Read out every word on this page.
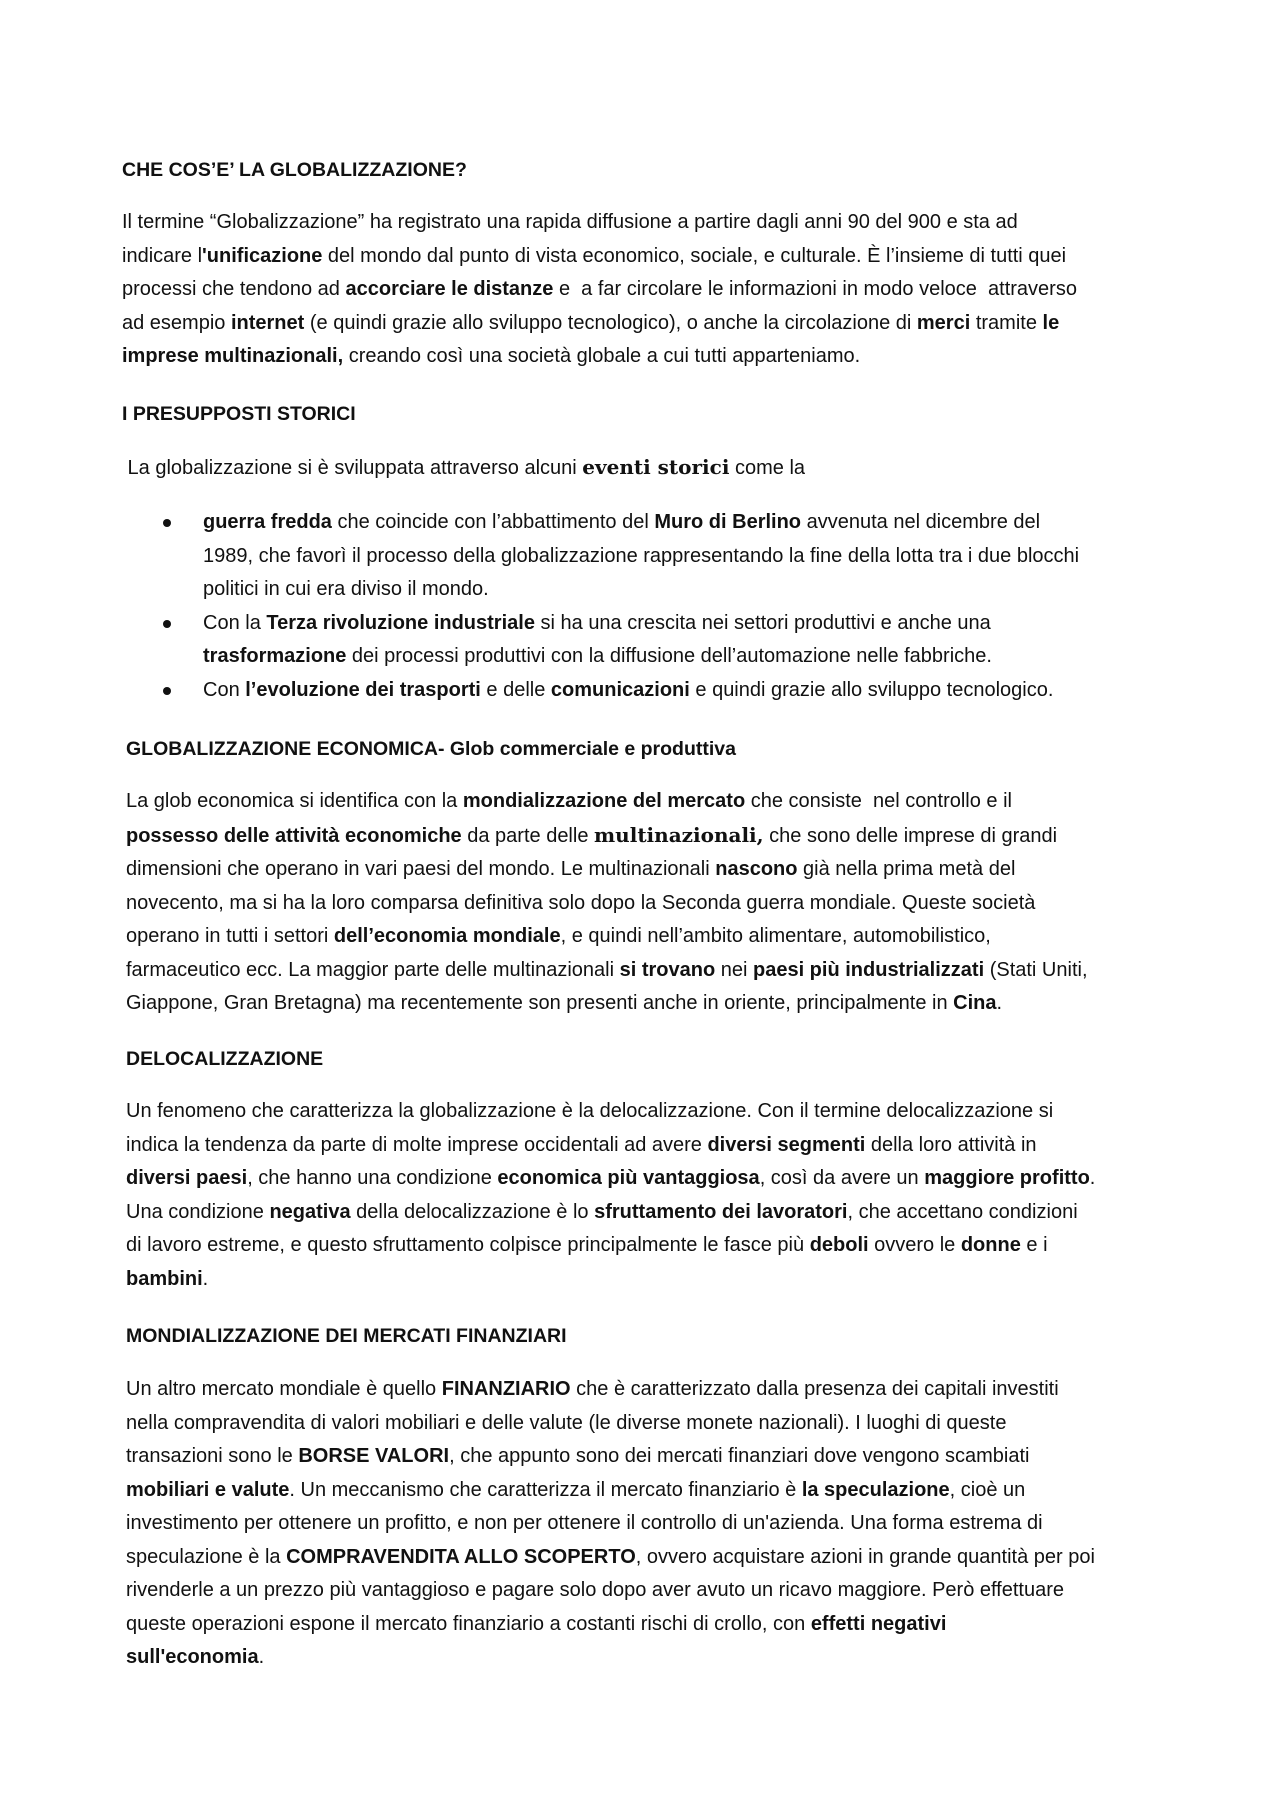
CHE COS’E’ LA GLOBALIZZAZIONE?
Il termine “Globalizzazione” ha registrato una rapida diffusione a partire dagli anni 90 del 900 e sta ad
indicare l'unificazione del mondo dal punto di vista economico, sociale, e culturale. È l’insieme di tutti quei
processi che tendono ad accorciare le distanze e  a far circolare le informazioni in modo veloce  attraverso
ad esempio internet (e quindi grazie allo sviluppo tecnologico), o anche la circolazione di merci tramite le
imprese multinazionali, creando così una società globale a cui tutti apparteniamo.
I PRESUPPOSTI STORICI
La globalizzazione si è sviluppata attraverso alcuni eventi storici come la
guerra fredda che coincide con l’abbattimento del Muro di Berlino avvenuta nel dicembre del
1989, che favorì il processo della globalizzazione rappresentando la fine della lotta tra i due blocchi
politici in cui era diviso il mondo.
Con la Terza rivoluzione industriale si ha una crescita nei settori produttivi e anche una
trasformazione dei processi produttivi con la diffusione dell’automazione nelle fabbriche.
Con l’evoluzione dei trasporti e delle comunicazioni e quindi grazie allo sviluppo tecnologico.
GLOBALIZZAZIONE ECONOMICA- Glob commerciale e produttiva
La glob economica si identifica con la mondializzazione del mercato che consiste  nel controllo e il
possesso delle attività economiche da parte delle multinazionali, che sono delle imprese di grandi
dimensioni che operano in vari paesi del mondo. Le multinazionali nascono già nella prima metà del
novecento, ma si ha la loro comparsa definitiva solo dopo la Seconda guerra mondiale. Queste società
operano in tutti i settori dell’economia mondiale, e quindi nell’ambito alimentare, automobilistico,
farmaceutico ecc. La maggior parte delle multinazionali si trovano nei paesi più industrializzati (Stati Uniti,
Giappone, Gran Bretagna) ma recentemente son presenti anche in oriente, principalmente in Cina.
DELOCALIZZAZIONE
Un fenomeno che caratterizza la globalizzazione è la delocalizzazione. Con il termine delocalizzazione si
indica la tendenza da parte di molte imprese occidentali ad avere diversi segmenti della loro attività in
diversi paesi, che hanno una condizione economica più vantaggiosa, così da avere un maggiore profitto.
Una condizione negativa della delocalizzazione è lo sfruttamento dei lavoratori, che accettano condizioni
di lavoro estreme, e questo sfruttamento colpisce principalmente le fasce più deboli ovvero le donne e i
bambini.
MONDIALIZZAZIONE DEI MERCATI FINANZIARI
Un altro mercato mondiale è quello FINANZIARIO che è caratterizzato dalla presenza dei capitali investiti
nella compravendita di valori mobiliari e delle valute (le diverse monete nazionali). I luoghi di queste
transazioni sono le BORSE VALORI, che appunto sono dei mercati finanziari dove vengono scambiati
mobiliari e valute. Un meccanismo che caratterizza il mercato finanziario è la speculazione, cioè un
investimento per ottenere un profitto, e non per ottenere il controllo di un'azienda. Una forma estrema di
speculazione è la COMPRAVENDITA ALLO SCOPERTO, ovvero acquistare azioni in grande quantità per poi
rivenderle a un prezzo più vantaggioso e pagare solo dopo aver avuto un ricavo maggiore. Però effettuare
queste operazioni espone il mercato finanziario a costanti rischi di crollo, con effetti negativi
sull'economia.
